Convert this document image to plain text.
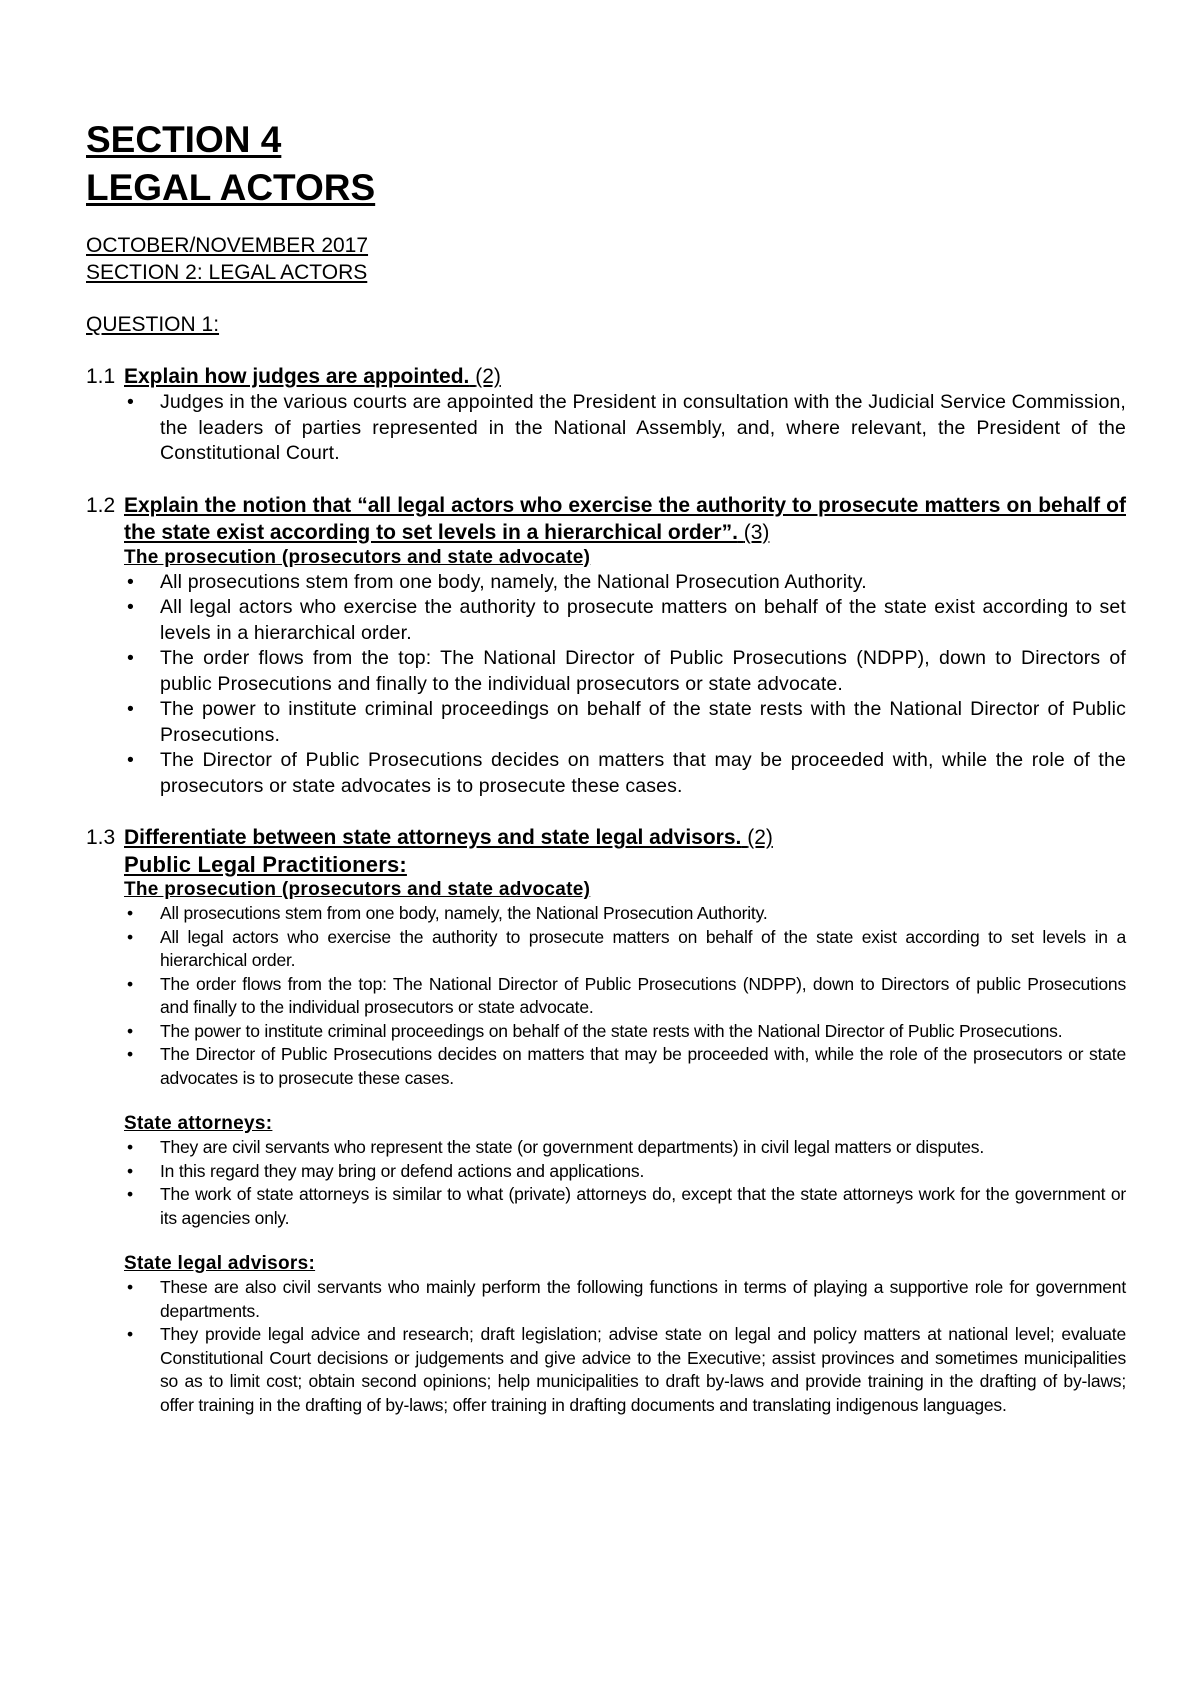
SECTION 4
LEGAL ACTORS
OCTOBER/NOVEMBER 2017
SECTION 2: LEGAL ACTORS
QUESTION 1:
1.1 Explain how judges are appointed. (2)
• Judges in the various courts are appointed the President in consultation with the Judicial Service Commission, the leaders of parties represented in the National Assembly, and, where relevant, the President of the Constitutional Court.
1.2 Explain the notion that “all legal actors who exercise the authority to prosecute matters on behalf of the state exist according to set levels in a hierarchical order”. (3)
The prosecution (prosecutors and state advocate)
• All prosecutions stem from one body, namely, the National Prosecution Authority.
• All legal actors who exercise the authority to prosecute matters on behalf of the state exist according to set levels in a hierarchical order.
• The order flows from the top: The National Director of Public Prosecutions (NDPP), down to Directors of public Prosecutions and finally to the individual prosecutors or state advocate.
• The power to institute criminal proceedings on behalf of the state rests with the National Director of Public Prosecutions.
• The Director of Public Prosecutions decides on matters that may be proceeded with, while the role of the prosecutors or state advocates is to prosecute these cases.
1.3 Differentiate between state attorneys and state legal advisors. (2)
Public Legal Practitioners:
The prosecution (prosecutors and state advocate)
• All prosecutions stem from one body, namely, the National Prosecution Authority.
• All legal actors who exercise the authority to prosecute matters on behalf of the state exist according to set levels in a hierarchical order.
• The order flows from the top: The National Director of Public Prosecutions (NDPP), down to Directors of public Prosecutions and finally to the individual prosecutors or state advocate.
• The power to institute criminal proceedings on behalf of the state rests with the National Director of Public Prosecutions.
• The Director of Public Prosecutions decides on matters that may be proceeded with, while the role of the prosecutors or state advocates is to prosecute these cases.
State attorneys:
• They are civil servants who represent the state (or government departments) in civil legal matters or disputes.
• In this regard they may bring or defend actions and applications.
• The work of state attorneys is similar to what (private) attorneys do, except that the state attorneys work for the government or its agencies only.
State legal advisors:
• These are also civil servants who mainly perform the following functions in terms of playing a supportive role for government departments.
• They provide legal advice and research; draft legislation; advise state on legal and policy matters at national level; evaluate Constitutional Court decisions or judgements and give advice to the Executive; assist provinces and sometimes municipalities so as to limit cost; obtain second opinions; help municipalities to draft by-laws and provide training in the drafting of by-laws; offer training in the drafting of by-laws; offer training in drafting documents and translating indigenous languages.
